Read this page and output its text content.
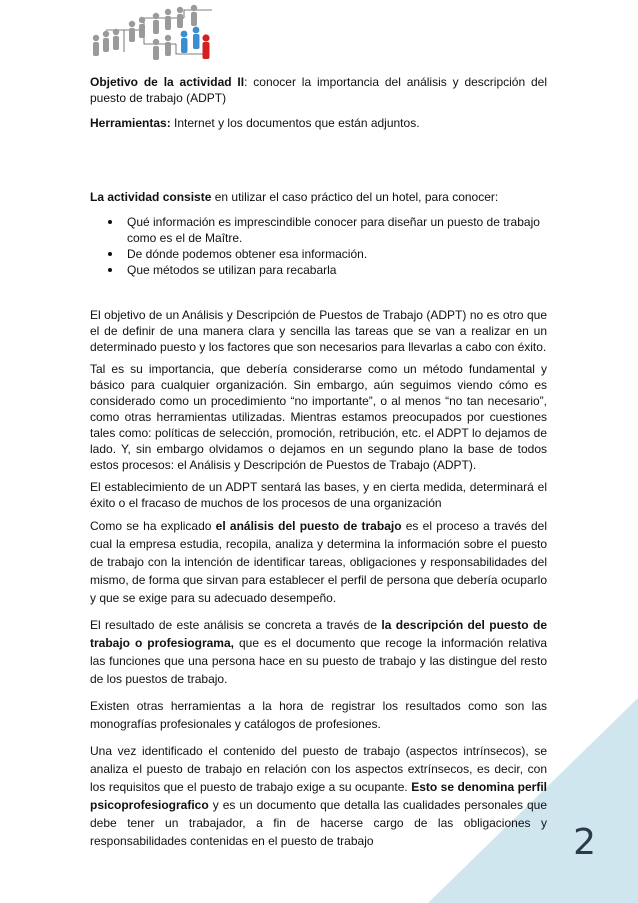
Objetivo de la actividad II: conocer la importancia del análisis y descripción del puesto de trabajo (ADPT)

Herramientas: Internet y los documentos que están adjuntos.

La actividad consiste en utilizar el caso práctico del un hotel, para conocer:

Qué información es imprescindible conocer para diseñar un puesto de trabajo como es el de Maître.
De dónde podemos obtener esa información.
Que métodos se utilizan para recabarla

El objetivo de un Análisis y Descripción de Puestos de Trabajo (ADPT) no es otro que el de definir de una manera clara y sencilla las tareas que se van a realizar en un determinado puesto y los factores que son necesarios para llevarlas a cabo con éxito.

Tal es su importancia, que debería considerarse como un método fundamental y básico para cualquier organización. Sin embargo, aún seguimos viendo cómo es considerado como un procedimiento “no importante”, o al menos “no tan necesario”, como otras herramientas utilizadas. Mientras estamos preocupados por cuestiones tales como: políticas de selección, promoción, retribución, etc. el ADPT lo dejamos de lado. Y, sin embargo olvidamos o dejamos en un segundo plano la base de todos estos procesos: el Análisis y Descripción de Puestos de Trabajo (ADPT).

El establecimiento de un ADPT sentará las bases, y en cierta medida, determinará el éxito o el fracaso de muchos de los procesos de una organización

Como se ha explicado el análisis del puesto de trabajo es el proceso a través del cual la empresa estudia, recopila, analiza y determina la información sobre el puesto de trabajo con la intención de identificar tareas, obligaciones y responsabilidades del mismo, de forma que sirvan para establecer el perfil de persona que debería ocuparlo y que se exige para su adecuado desempeño.

El resultado de este análisis se concreta a través de la descripción del puesto de trabajo o profesiograma, que es el documento que recoge la información relativa las funciones que una persona hace en su puesto de trabajo y las distingue del resto de los puestos de trabajo.

Existen otras herramientas a la hora de registrar los resultados como son las monografías profesionales y catálogos de profesiones.

Una vez identificado el contenido del puesto de trabajo (aspectos intrínsecos), se analiza el puesto de trabajo en relación con los aspectos extrínsecos, es decir, con los requisitos que el puesto de trabajo exige a su ocupante. Esto se denomina perfil psicoprofesiografico y es un documento que detalla las cualidades personales que debe tener un trabajador, a fin de hacerse cargo de las obligaciones y responsabilidades contenidas en el puesto de trabajo	2
